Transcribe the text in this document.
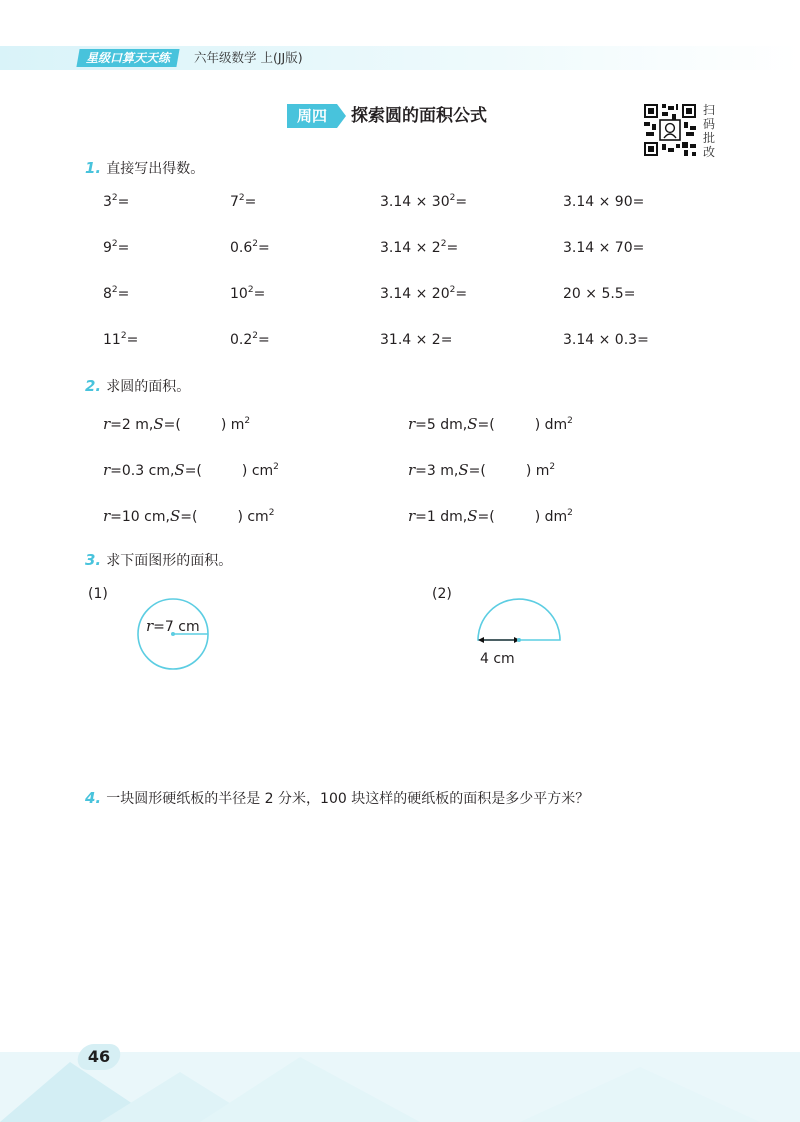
星级口算天天练	六年级数学 上(JJ版)
周四	探索圆的面积公式	扫码批改
1. 直接写出得数。
$3^2=$	$7^2=$	$3.14 \times 30^2=$	3.14 × 90=
$9^2=$	$0.6^2=$	$3.14 \times 2^2=$	3.14 × 70=
$8^2=$	$10^2=$	$3.14 \times 20^2=$	20 × 5.5=
$11^2=$	$0.2^2=$	31.4 × 2=	3.14 × 0.3=
2. 求圆的面积。
r=2 m,S=(	) $m^2$	r=5 dm,S=(	) $dm^2$
r=0.3 cm,S=(	) $cm^2$	r=3 m,S=(	) $m^2$
r=10 cm,S=(	) $cm^2$	r=1 dm,S=(	) $dm^2$
3. 求下面图形的面积。
(1)
r=7 cm
(2)
4 cm
4. 一块圆形硬纸板的半径是 2 分米，100 块这样的硬纸板的面积是多少平方米？
46
